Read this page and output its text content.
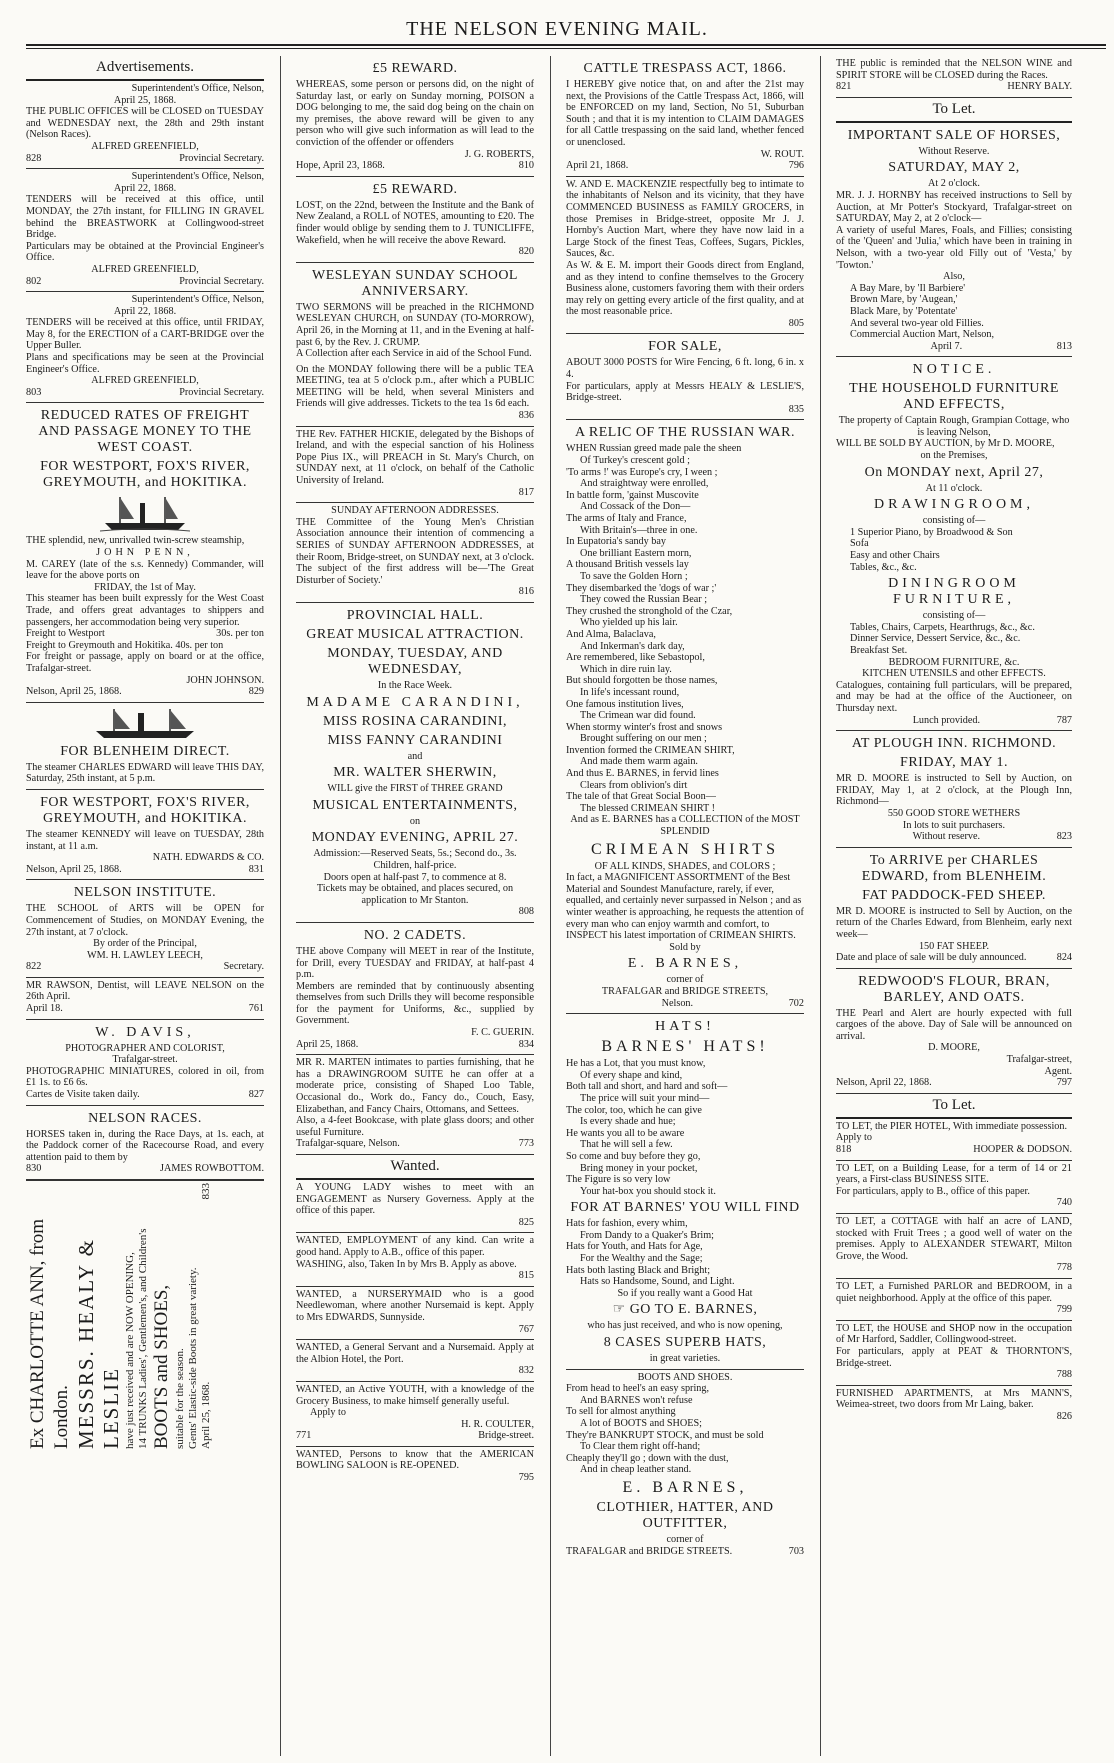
THE NELSON EVENING MAIL.
Advertisements.
Superintendent's Office, Nelson,
April 25, 1868.

THE PUBLIC OFFICES will be CLOSED on TUESDAY and WEDNESDAY next, the 28th and 29th instant (Nelson Races).

ALFRED GREENFIELD,
828	Provincial Secretary.
Superintendent's Office, Nelson,
April 22, 1868.

TENDERS will be received at this office, until MONDAY, the 27th instant, for FILLING IN GRAVEL behind the BREASTWORK at Collingwood-street Bridge.

Particulars may be obtained at the Provincial Engineer's Office.

ALFRED GREENFIELD,
802	Provincial Secretary.
Superintendent's Office, Nelson,
April 22, 1868.

TENDERS will be received at this office, until FRIDAY, May 8, for the ERECTION of a CART-BRIDGE over the Upper Buller.

Plans and specifications may be seen at the Provincial Engineer's Office.

ALFRED GREENFIELD,
803	Provincial Secretary.
REDUCED RATES OF FREIGHT AND PASSAGE MONEY TO THE WEST COAST.
FOR WESTPORT, FOX'S RIVER, GREYMOUTH, and HOKITIKA.

THE splendid, new, unrivalled twin-screw steamship,

JOHN PENN,

M. CAREY (late of the s.s. Kennedy) Commander, will leave for the above ports on

FRIDAY, the 1st of May.

This steamer has been built expressly for the West Coast Trade, and offers great advantages to shippers and passengers, her accommodation being very superior.

Freight to Westport	30s. per ton
Freight to Greymouth and Hokitika. 40s. per ton

For freight or passage, apply on board or at the office, Trafalgar-street.

JOHN JOHNSON.
Nelson, April 25, 1868.	829
FOR BLENHEIM DIRECT.

The steamer CHARLES EDWARD will leave THIS DAY, Saturday, 25th instant, at 5 p.m.

FOR WESTPORT, FOX'S RIVER, GREYMOUTH, and HOKITIKA.

The steamer KENNEDY will leave on TUESDAY, 28th instant, at 11 a.m.

NATH. EDWARDS & CO.
Nelson, April 25, 1868.	831
NELSON INSTITUTE.

THE SCHOOL of ARTS will be OPEN for Commencement of Studies, on MONDAY Evening, the 27th instant, at 7 o'clock.

By order of the Principal,
WM. H. LAWLEY LEECH,
822	Secretary.

MR RAWSON, Dentist, will LEAVE NELSON on the 26th April.

April 18.	761
W. DAVIS,
PHOTOGRAPHER AND COLORIST,
Trafalgar-street.

PHOTOGRAPHIC MINIATURES, colored in oil, from £1 1s. to £6 6s.

Cartes de Visite taken daily.	827
NELSON RACES.

HORSES taken in, during the Race Days, at 1s. each, at the Paddock corner of the Racecourse Road, and every attention paid to them by

830	JAMES ROWBOTTOM.
Ex CHARLOTTE ANN, from London. MESSRS. HEALY & LESLIE have just received and are NOW OPENING, 14 TRUNKS Ladies', Gentlemen's, and Children's BOOTS and SHOES, suitable for the season. Gents' Elastic-side Boots in great variety. April 25, 1868.
833
£5 REWARD.

WHEREAS, some person or persons did, on the night of Saturday last, or early on Sunday morning, POISON a DOG belonging to me, the said dog being on the chain on my premises, the above reward will be given to any person who will give such information as will lead to the conviction of the offender or offenders

J. G. ROBERTS,
Hope, April 23, 1868.	810
£5 REWARD.

LOST, on the 22nd, between the Institute and the Bank of New Zealand, a ROLL of NOTES, amounting to £20. The finder would oblige by sending them to J. TUNICLIFFE, Wakefield, when he will receive the above Reward.

820
WESLEYAN SUNDAY SCHOOL ANNIVERSARY.

TWO SERMONS will be preached in the RICHMOND WESLEYAN CHURCH, on SUNDAY (TO-MORROW), April 26, in the Morning at 11, and in the Evening at half-past 6, by the Rev. J. CRUMP.

A Collection after each Service in aid of the School Fund.

On the MONDAY following there will be a public TEA MEETING, tea at 5 o'clock p.m., after which a PUBLIC MEETING will be held, when several Ministers and Friends will give addresses. Tickets to the tea 1s 6d each.

836

THE Rev. FATHER HICKIE, delegated by the Bishops of Ireland, and with the especial sanction of his Holiness Pope Pius IX., will PREACH in St. Mary's Church, on SUNDAY next, at 11 o'clock, on behalf of the Catholic University of Ireland.

817
SUNDAY AFTERNOON ADDRESSES.

THE Committee of the Young Men's Christian Association announce their intention of commencing a SERIES of SUNDAY AFTERNOON ADDRESSES, at their Room, Bridge-street, on SUNDAY next, at 3 o'clock. The subject of the first address will be—'The Great Disturber of Society.'

816
PROVINCIAL HALL.
GREAT MUSICAL ATTRACTION.
MONDAY, TUESDAY, AND WEDNESDAY,
In the Race Week.
MADAME CARANDINI,
MISS ROSINA CARANDINI,
MISS FANNY CARANDINI
and
MR. WALTER SHERWIN,
WILL give the FIRST of THREE GRAND
MUSICAL ENTERTAINMENTS,
on
MONDAY EVENING, APRIL 27.
Admission:—Reserved Seats, 5s.; Second do., 3s. Children, half-price.
Doors open at half-past 7, to commence at 8.
Tickets may be obtained, and places secured, on application to Mr Stanton.
808
NO. 2 CADETS.

THE above Company will MEET in rear of the Institute, for Drill, every TUESDAY and FRIDAY, at half-past 4 p.m.

Members are reminded that by continuously absenting themselves from such Drills they will become responsible for the payment for Uniforms, &c., supplied by Government.

F. C. GUERIN.
April 25, 1868.	834

MR R. MARTEN intimates to parties furnishing, that he has a DRAWINGROOM SUITE he can offer at a moderate price, consisting of Shaped Loo Table, Occasional do., Work do., Fancy do., Couch, Easy, Elizabethan, and Fancy Chairs, Ottomans, and Settees.

Also, a 4-feet Bookcase, with plate glass doors; and other useful Furniture.

Trafalgar-square, Nelson.	773
Wanted.

A YOUNG LADY wishes to meet with an ENGAGEMENT as Nursery Governess. Apply at the office of this paper.

825

WANTED, EMPLOYMENT of any kind. Can write a good hand. Apply to A.B., office of this paper.

WASHING, also, Taken In by Mrs B. Apply as above.

815

WANTED, a NURSERYMAID who is a good Needlewoman, where another Nursemaid is kept. Apply to Mrs EDWARDS, Sunnyside.

767

WANTED, a General Servant and a Nursemaid. Apply at the Albion Hotel, the Port.

832

WANTED, an Active YOUTH, with a knowledge of the Grocery Business, to make himself generally useful.

Apply to
H. R. COULTER,
771	Bridge-street.

WANTED, Persons to know that the AMERICAN BOWLING SALOON is RE-OPENED.

795
CATTLE TRESPASS ACT, 1866.

I HEREBY give notice that, on and after the 21st may next, the Provisions of the Cattle Trespass Act, 1866, will be ENFORCED on my land, Section, No 51, Suburban South ; and that it is my intention to CLAIM DAMAGES for all Cattle trespassing on the said land, whether fenced or unenclosed.

W. ROUT.
April 21, 1868.	796

W. AND E. MACKENZIE respectfully beg to intimate to the inhabitants of Nelson and its vicinity, that they have COMMENCED BUSINESS as FAMILY GROCERS, in those Premises in Bridge-street, opposite Mr J. J. Hornby's Auction Mart, where they have now laid in a Large Stock of the finest Teas, Coffees, Sugars, Pickles, Sauces, &c.

As W. & E. M. import their Goods direct from England, and as they intend to confine themselves to the Grocery Business alone, customers favoring them with their orders may rely on getting every article of the first quality, and at the most reasonable price.

805
FOR SALE,

ABOUT 3000 POSTS for Wire Fencing, 6 ft. long, 6 in. x 4.

For particulars, apply at Messrs HEALY & LESLIE'S, Bridge-street.

835
A RELIC OF THE RUSSIAN WAR.
WHEN Russian greed made pale the sheen
Of Turkey's crescent gold ;
'To arms !' was Europe's cry, I ween ;
And straightway were enrolled,
In battle form, 'gainst Muscovite
And Cossack of the Don—
The arms of Italy and France,
With Britain's—three in one.
In Eupatoria's sandy bay
One brilliant Eastern morn,
A thousand British vessels lay
To save the Golden Horn ;
They disembarked the 'dogs of war ;'
They cowed the Russian Bear ;
They crushed the stronghold of the Czar,
Who yielded up his lair.
And Alma, Balaclava,
And Inkerman's dark day,
Are remembered, like Sebastopol,
Which in dire ruin lay.
But should forgotten be those names,
In life's incessant round,
One famous institution lives,
The Crimean war did found.
When stormy winter's frost and snows
Brought suffering on our men ;
Invention formed the CRIMEAN SHIRT,
And made them warm again.
And thus E. BARNES, in fervid lines
Clears from oblivion's dirt
The tale of that Great Social Boon—
The blessed CRIMEAN SHIRT !
And as E. BARNES has a COLLECTION of the MOST SPLENDID
CRIMEAN SHIRTS
OF ALL KINDS, SHADES, and COLORS ;

In fact, a MAGNIFICENT ASSORTMENT of the Best Material and Soundest Manufacture, rarely, if ever, equalled, and certainly never surpassed in Nelson ; and as winter weather is approaching, he requests the attention of every man who can enjoy warmth and comfort, to INSPECT his latest importation of CRIMEAN SHIRTS.

Sold by
E. BARNES,
corner of
TRAFALGAR and BRIDGE STREETS,
Nelson.	702
HATS!
BARNES' HATS!
He has a Lot, that you must know,
Of every shape and kind,
Both tall and short, and hard and soft—
The price will suit your mind—
The color, too, which he can give
Is every shade and hue;
He wants you all to be aware
That he will sell a few.
So come and buy before they go,
Bring money in your pocket,
The Figure is so very low
Your hat-box you should stock it.
FOR AT BARNES' YOU WILL FIND
Hats for fashion, every whim,
From Dandy to a Quaker's Brim;
Hats for Youth, and Hats for Age,
For the Wealthy and the Sage;
Hats both lasting Black and Bright;
Hats so Handsome, Sound, and Light.
So if you really want a Good Hat
☞ GO TO E. BARNES,
who has just received, and who is now opening,
8 CASES SUPERB HATS,
in great varieties.
BOOTS AND SHOES.
From head to heel's an easy spring,
And BARNES won't refuse
To sell for almost anything
A lot of BOOTS and SHOES;
They're BANKRUPT STOCK, and must be sold
To Clear them right off-hand;
Cheaply they'll go ; down with the dust,
And in cheap leather stand.
E. BARNES,
CLOTHIER, HATTER, AND OUTFITTER,
corner of
TRAFALGAR and BRIDGE STREETS.	703

THE public is reminded that the NELSON WINE and SPIRIT STORE will be CLOSED during the Races.

821	HENRY BALY.
To Let.
IMPORTANT SALE OF HORSES,
Without Reserve.
SATURDAY, MAY 2,
At 2 o'clock.

MR. J. J. HORNBY has received instructions to Sell by Auction, at Mr Potter's Stockyard, Trafalgar-street on SATURDAY, May 2, at 2 o'clock—

A variety of useful Mares, Foals, and Fillies; consisting of the 'Queen' and 'Julia,' which have been in training in Nelson, with a two-year old Filly out of 'Vesta,' by 'Towton.'

Also,
A Bay Mare, by 'Il Barbiere'
Brown Mare, by 'Augean,'
Black Mare, by 'Potentate'
And several two-year old Fillies.
Commercial Auction Mart, Nelson,
April 7.	813
NOTICE.
THE HOUSEHOLD FURNITURE AND EFFECTS,
The property of Captain Rough, Grampian Cottage, who is leaving Nelson,

WILL BE SOLD BY AUCTION, by Mr D. MOORE,

on the Premises,
On MONDAY next, April 27,
At 11 o'clock.
DRAWINGROOM,
consisting of—
1 Superior Piano, by Broadwood & Son
Sofa
Easy and other Chairs
Tables, &c., &c.
DININGROOM FURNITURE,
consisting of—
Tables, Chairs, Carpets, Hearthrugs, &c., &c.
Dinner Service, Dessert Service, &c., &c.
Breakfast Set.
BEDROOM FURNITURE, &c.
KITCHEN UTENSILS and other EFFECTS.

Catalogues, containing full particulars, will be prepared, and may be had at the office of the Auctioneer, on Thursday next.

Lunch provided.	787
AT PLOUGH INN. RICHMOND.
FRIDAY, MAY 1.

MR D. MOORE is instructed to Sell by Auction, on FRIDAY, May 1, at 2 o'clock, at the Plough Inn, Richmond—

550 GOOD STORE WETHERS
In lots to suit purchasers.
Without reserve.	823
To ARRIVE per CHARLES EDWARD, from BLENHEIM.
FAT PADDOCK-FED SHEEP.

MR D. MOORE is instructed to Sell by Auction, on the return of the Charles Edward, from Blenheim, early next week—

150 FAT SHEEP.
Date and place of sale will be duly announced.	824
REDWOOD'S FLOUR, BRAN, BARLEY, AND OATS.

THE Pearl and Alert are hourly expected with full cargoes of the above. Day of Sale will be announced on arrival.

D. MOORE,
Trafalgar-street,
Agent.
Nelson, April 22, 1868.	797
To Let.

TO LET, the PIER HOTEL, With immediate possession.

Apply to
818	HOOPER & DODSON.

TO LET, on a Building Lease, for a term of 14 or 21 years, a First-class BUSINESS SITE.

For particulars, apply to B., office of this paper.

740

TO LET, a COTTAGE with half an acre of LAND, stocked with Fruit Trees ; a good well of water on the premises. Apply to ALEXANDER STEWART, Milton Grove, the Wood.

778

TO LET, a Furnished PARLOR and BEDROOM, in a quiet neighborhood. Apply at the office of this paper.

799

TO LET, the HOUSE and SHOP now in the occupation of Mr Harford, Saddler, Collingwood-street.

For particulars, apply at PEAT & THORNTON'S, Bridge-street.

788

FURNISHED APARTMENTS, at Mrs MANN'S, Weimea-street, two doors from Mr Laing, baker.

826
